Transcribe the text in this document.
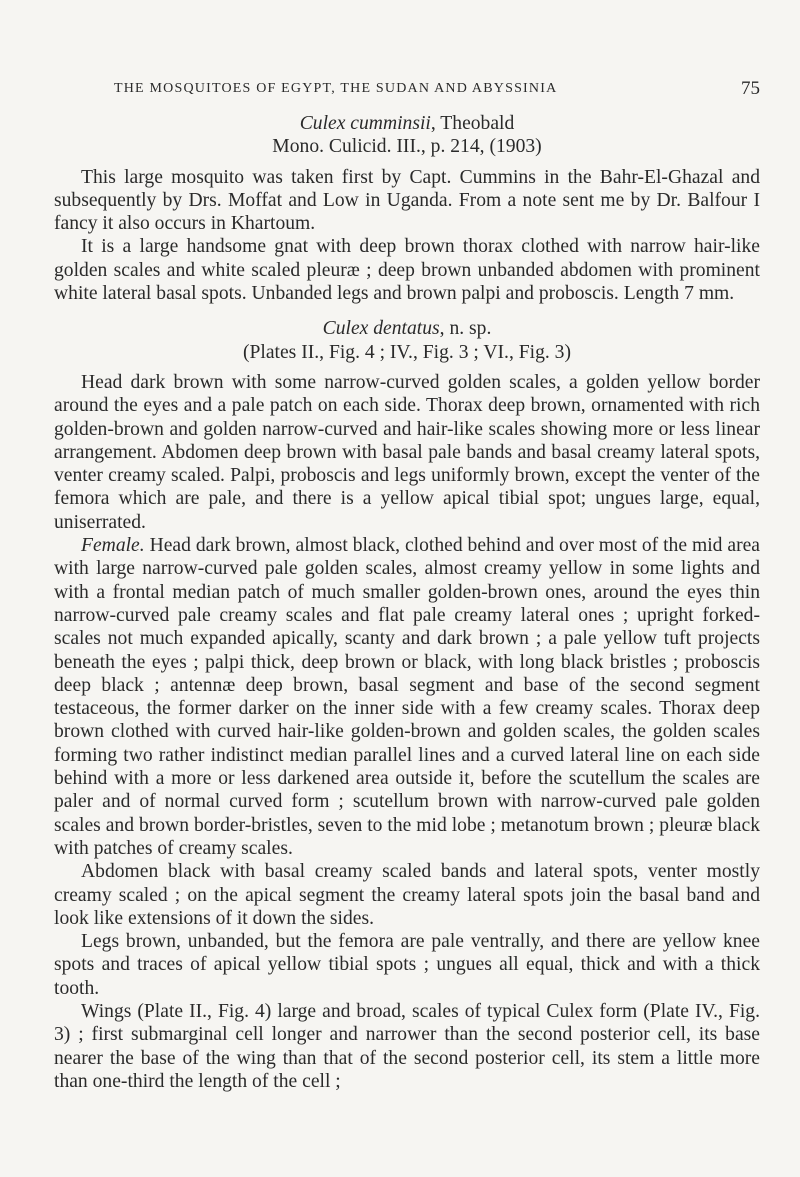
THE MOSQUITOES OF EGYPT, THE SUDAN AND ABYSSINIA	75

Culex cumminsii, Theobald

Mono. Culicid. III., p. 214, (1903)

This large mosquito was taken first by Capt. Cummins in the Bahr-El-Ghazal and subsequently by Drs. Moffat and Low in Uganda. From a note sent me by Dr. Balfour I fancy it also occurs in Khartoum.

It is a large handsome gnat with deep brown thorax clothed with narrow hair-like golden scales and white scaled pleuræ ; deep brown unbanded abdomen with prominent white lateral basal spots. Unbanded legs and brown palpi and proboscis. Length 7 mm.

Culex dentatus, n. sp.

(Plates II., Fig. 4 ; IV., Fig. 3 ; VI., Fig. 3)

Head dark brown with some narrow-curved golden scales, a golden yellow border around the eyes and a pale patch on each side. Thorax deep brown, ornamented with rich golden-brown and golden narrow-curved and hair-like scales showing more or less linear arrangement. Abdomen deep brown with basal pale bands and basal creamy lateral spots, venter creamy scaled. Palpi, proboscis and legs uniformly brown, except the venter of the femora which are pale, and there is a yellow apical tibial spot; ungues large, equal, uniserrated.

Female. Head dark brown, almost black, clothed behind and over most of the mid area with large narrow-curved pale golden scales, almost creamy yellow in some lights and with a frontal median patch of much smaller golden-brown ones, around the eyes thin narrow-curved pale creamy scales and flat pale creamy lateral ones ; upright forked-scales not much expanded apically, scanty and dark brown ; a pale yellow tuft projects beneath the eyes ; palpi thick, deep brown or black, with long black bristles ; proboscis deep black ; antennæ deep brown, basal segment and base of the second segment testaceous, the former darker on the inner side with a few creamy scales. Thorax deep brown clothed with curved hair-like golden-brown and golden scales, the golden scales forming two rather indistinct median parallel lines and a curved lateral line on each side behind with a more or less darkened area outside it, before the scutellum the scales are paler and of normal curved form ; scutellum brown with narrow-curved pale golden scales and brown border-bristles, seven to the mid lobe ; metanotum brown ; pleuræ black with patches of creamy scales.

Abdomen black with basal creamy scaled bands and lateral spots, venter mostly creamy scaled ; on the apical segment the creamy lateral spots join the basal band and look like extensions of it down the sides.

Legs brown, unbanded, but the femora are pale ventrally, and there are yellow knee spots and traces of apical yellow tibial spots ; ungues all equal, thick and with a thick tooth.

Wings (Plate II., Fig. 4) large and broad, scales of typical Culex form (Plate IV., Fig. 3) ; first submarginal cell longer and narrower than the second posterior cell, its base nearer the base of the wing than that of the second posterior cell, its stem a little more than one-third the length of the cell ;
